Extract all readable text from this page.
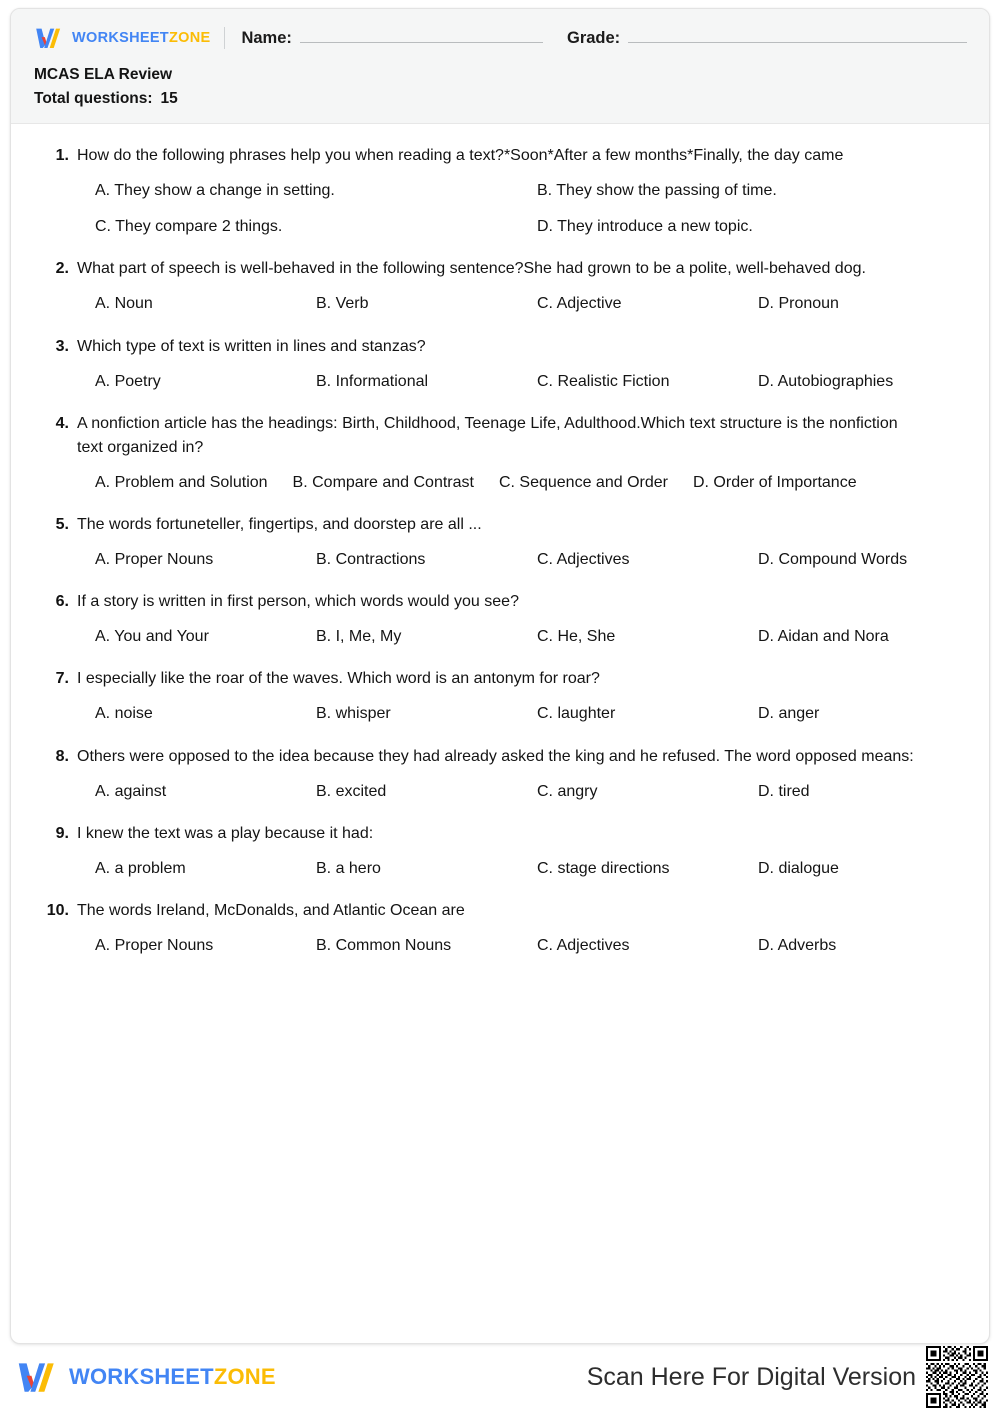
WORKSHEETZONE Name:	Grade:
MCAS ELA Review
Total questions: 15
1. How do the following phrases help you when reading a text?*Soon*After a few months*Finally, the day came
A. They show a change in setting.	B. They show the passing of time.
C. They compare 2 things.	D. They introduce a new topic.
2. What part of speech is well-behaved in the following sentence?She had grown to be a polite, well-behaved dog.
A. Noun	B. Verb	C. Adjective	D. Pronoun
3. Which type of text is written in lines and stanzas?
A. Poetry	B. Informational	C. Realistic Fiction	D. Autobiographies
4. A nonfiction article has the headings: Birth, Childhood, Teenage Life, Adulthood.Which text structure is the nonfiction text organized in?
A. Problem and Solution B. Compare and Contrast C. Sequence and Order D. Order of Importance
5. The words fortuneteller, fingertips, and doorstep are all ...
A. Proper Nouns	B. Contractions	C. Adjectives	D. Compound Words
6. If a story is written in first person, which words would you see?
A. You and Your	B. I, Me, My	C. He, She	D. Aidan and Nora
7. I especially like the roar of the waves. Which word is an antonym for roar?
A. noise	B. whisper	C. laughter	D. anger
8. Others were opposed to the idea because they had already asked the king and he refused. The word opposed means:
A. against	B. excited	C. angry	D. tired
9. I knew the text was a play because it had:
A. a problem	B. a hero	C. stage directions	D. dialogue
10. The words Ireland, McDonalds, and Atlantic Ocean are
A. Proper Nouns	B. Common Nouns	C. Adjectives	D. Adverbs
WORKSHEETZONE	Scan Here For Digital Version
